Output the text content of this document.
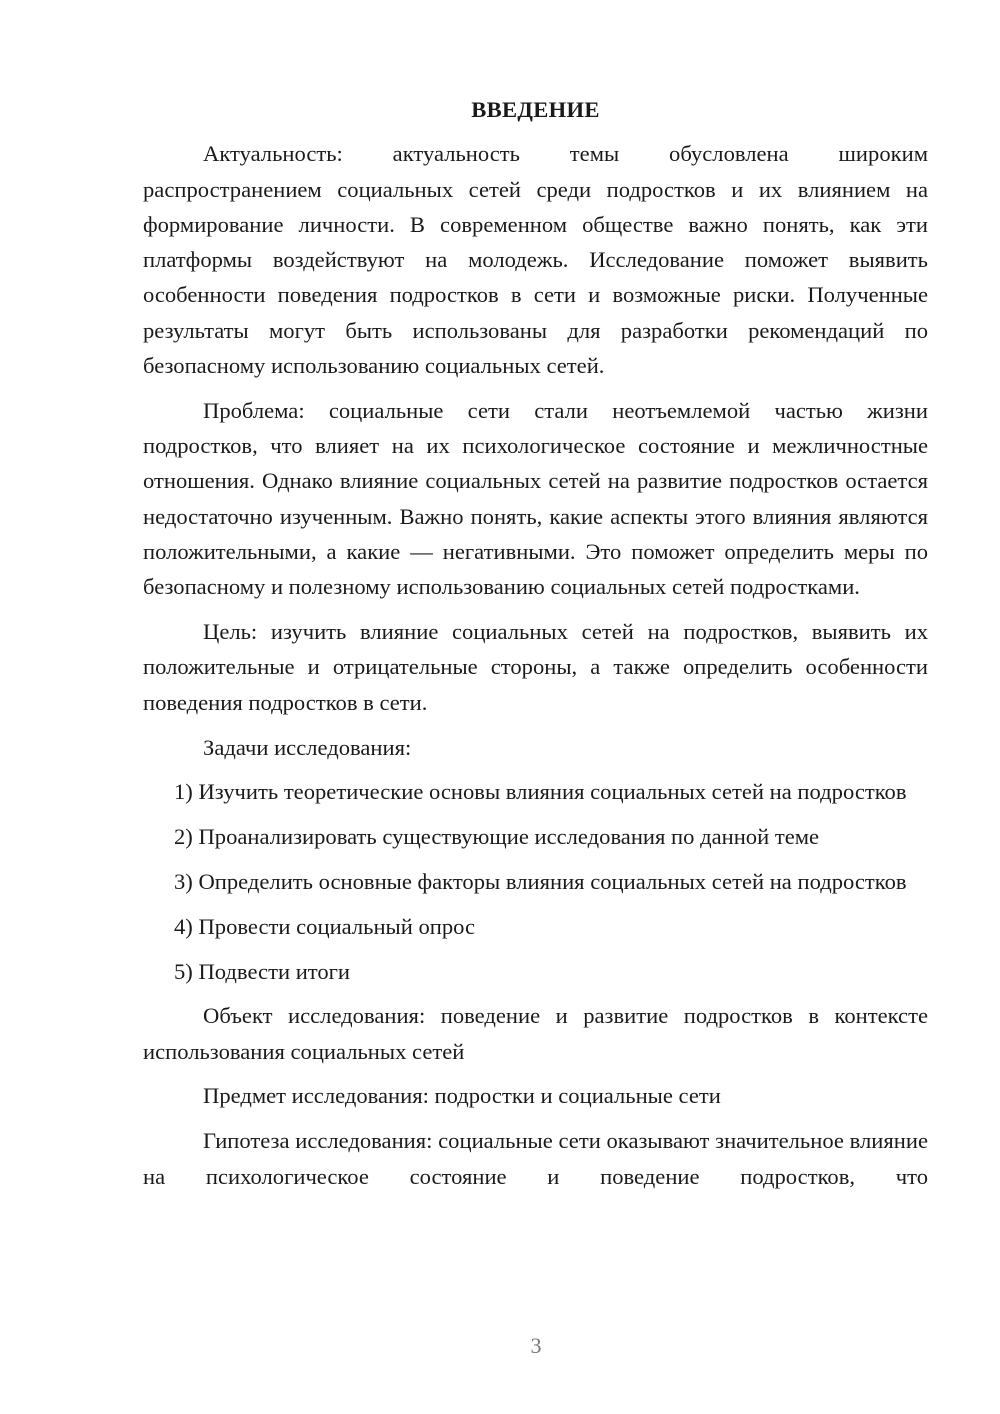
ВВЕДЕНИЕ

Актуальность: актуальность темы обусловлена широким распространением социальных сетей среди подростков и их влиянием на формирование личности. В современном обществе важно понять, как эти платформы воздействуют на молодежь. Исследование поможет выявить особенности поведения подростков в сети и возможные риски. Полученные результаты могут быть использованы для разработки рекомендаций по безопасному использованию социальных сетей.

Проблема: социальные сети стали неотъемлемой частью жизни подростков, что влияет на их психологическое состояние и межличностные отношения. Однако влияние социальных сетей на развитие подростков остается недостаточно изученным. Важно понять, какие аспекты этого влияния являются положительными, а какие — негативными. Это поможет определить меры по безопасному и полезному использованию социальных сетей подростками.

Цель: изучить влияние социальных сетей на подростков, выявить их положительные и отрицательные стороны, а также определить особенности поведения подростков в сети.

Задачи исследования:

1) Изучить теоретические основы влияния социальных сетей на подростков

2) Проанализировать существующие исследования по данной теме

3) Определить основные факторы влияния социальных сетей на подростков

4) Провести социальный опрос

5) Подвести итоги

Объект исследования: поведение и развитие подростков в контексте использования социальных сетей

Предмет исследования: подростки и социальные сети

Гипотеза исследования: социальные сети оказывают значительное влияние на психологическое состояние и поведение подростков, что

3
